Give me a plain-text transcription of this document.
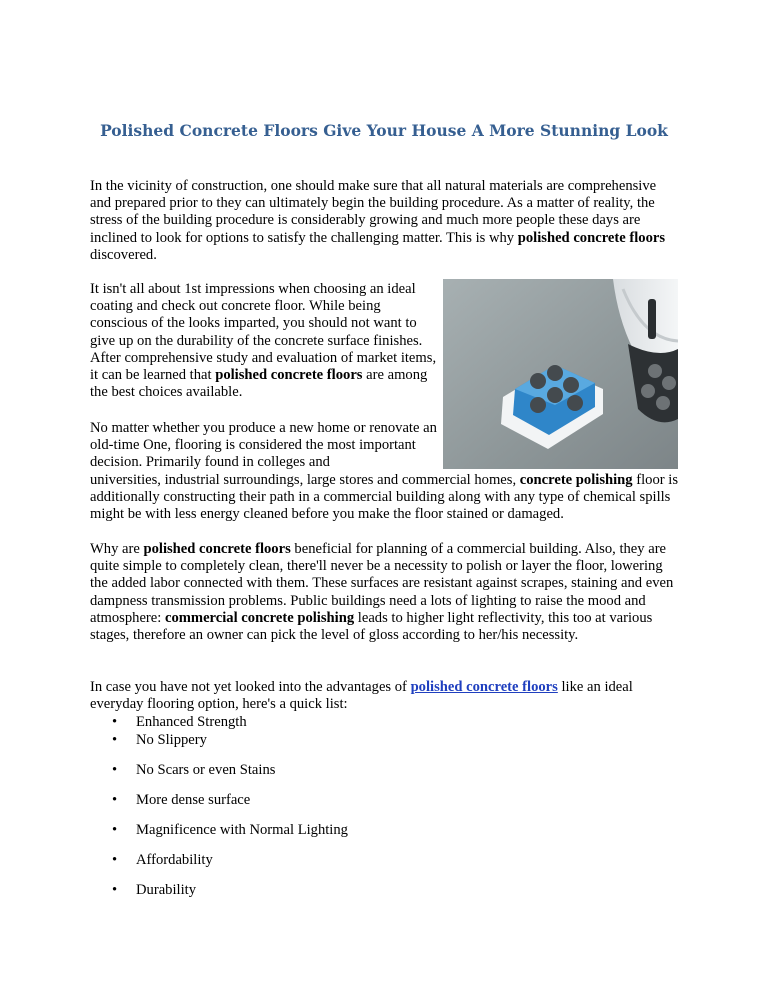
Polished Concrete Floors Give Your House A More Stunning Look

In the vicinity of construction, one should make sure that all natural materials are comprehensive and prepared prior to they can ultimately begin the building procedure. As a matter of reality, the stress of the building procedure is considerably growing and much more people these days are inclined to look for options to satisfy the challenging matter. This is why polished concrete floors discovered.

It isn't all about 1st impressions when choosing an ideal coating and check out concrete floor. While being conscious of the looks imparted, you should not want to give up on the durability of the concrete surface finishes. After comprehensive study and evaluation of market items, it can be learned that polished concrete floors are among the best choices available.

No matter whether you produce a new home or renovate an old-time One, flooring is considered the most important decision. Primarily found in colleges and
universities, industrial surroundings, large stores and commercial homes, concrete polishing floor is additionally constructing their path in a commercial building along with any type of chemical spills might be with less energy cleaned before you make the floor stained or damaged.

Why are polished concrete floors beneficial for planning of a commercial building. Also, they are quite simple to completely clean, there'll never be a necessity to polish or layer the floor, lowering the added labor connected with them. These surfaces are resistant against scrapes, staining and even dampness transmission problems. Public buildings need a lots of lighting to raise the mood and atmosphere: commercial concrete polishing leads to higher light reflectivity, this too at various stages, therefore an owner can pick the level of gloss according to her/his necessity.

In case you have not yet looked into the advantages of polished concrete floors like an ideal everyday flooring option, here's a quick list:

• Enhanced Strength
• No Slippery
• No Scars or even Stains
• More dense surface
• Magnificence with Normal Lighting
• Affordability
• Durability
